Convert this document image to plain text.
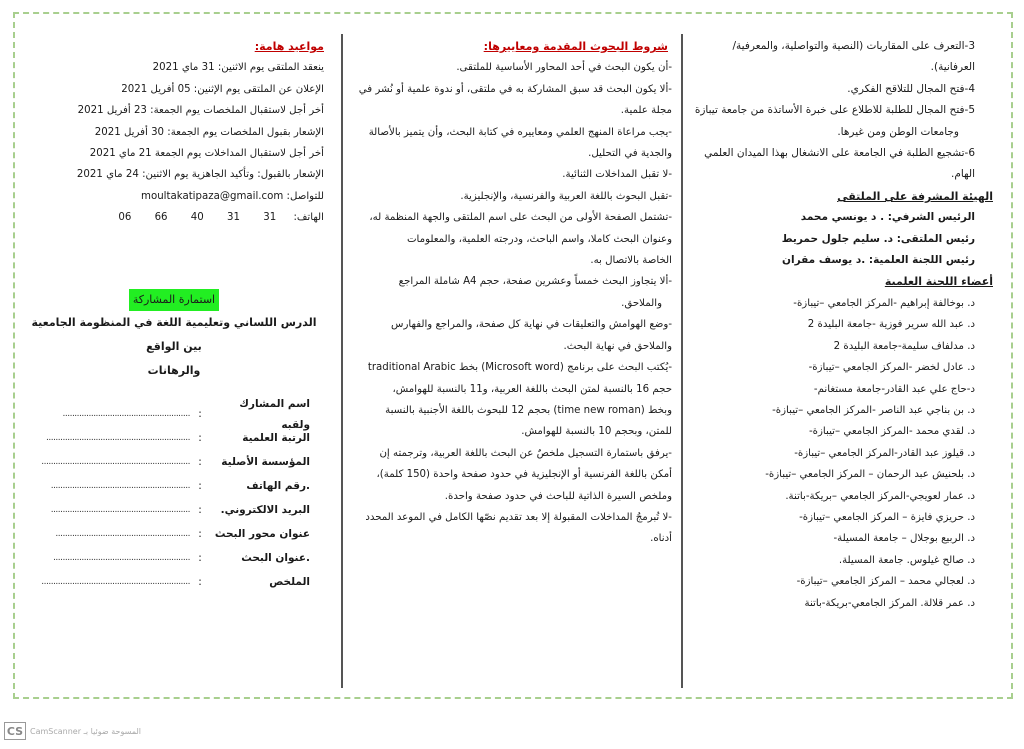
3-التعرف على المقاربات (النصية والتواصلية، والمعرفية/ العرفانية).

4-فتح المجال للتلاقح الفكري.

5-فتح المجال للطلبة للاطلاع على خبرة الأساتذة من جامعة تيبازة

وجامعات الوطن ومن غيرها.

6-تشجيع الطلبة في الجامعة على الانشغال بهذا الميدان العلمي الهام.

الهيئة المشرفة على الملتقى

الرئيس الشرفي: . د يونسي محمد

رئيس الملتقى: د. سليم جلول حمريط

رئيس اللجنة العلمية: .د يوسف مقران

أعضاء اللجنة العلمية

د. بوخالفة إبراهيم -المركز الجامعي –تيبازة-

د. عبد الله سرير فوزية -جامعة البليدة 2

د. مدلفاف سليمة-جامعة البليدة 2

د. عادل لخضر -المركز الجامعي –تيبازة-

د-حاج علي عبد القادر-جامعة مستغانم-

د. بن بناجي عبد الناصر -المركز الجامعي –تيبازة-

د. لقدي محمد -المركز الجامعي –تيبازة-

د. قيلوز عبد القادر-المركز الجامعي –تيبازة-

د. بلحنيش عبد الرحمان – المركز الجامعي –تيبازة-

د. عمار لعويجي-المركز الجامعي –بريكة-باتنة.

د. حريزي فايزة – المركز الجامعي –تيبازة-

د. الربيع بوجلال – جامعة المسيلة-

د. صالح غيلوس. جامعة المسيلة.

د. لعجالي محمد – المركز الجامعي –تيبازة-

د. عمر قلالة. المركز الجامعي-بريكة-باتنة

شروط البحوث المقدمة ومعاييرها:

-أن يكون البحث في أحد المحاور الأساسية للملتقى.

-ألا يكون البحث قد سبق المشاركة به في ملتقى، أو ندوة علمية أو نُشر في

مجلة علمية.

-يجب مراعاة المنهج العلمي ومعاييره في كتابة البحث، وأن يتميز بالأصالة

والجدية في التحليل.

-لا تقبل المداخلات الثنائية.

-تقبل البحوث باللغة العربية والفرنسية، والإنجليزية.

-تشتمل الصفحة الأولى من البحث على اسم الملتقى والجهة المنظمة له،

وعنوان البحث كاملا، واسم الباحث، ودرجته العلمية، والمعلومات

الخاصة بالاتصال به.

-ألا يتجاوز البحث خمساً وعشرين صفحة، حجم A4 شاملة المراجع

والملاحق.

-وضع الهوامش والتعليقات في نهاية كل صفحة، والمراجع والفهارس

والملاحق في نهاية البحث.

-يُكتب البحث على برنامج (Microsoft word) بخط traditional Arabic

حجم 16 بالنسبة لمتن البحث باللغة العربية، و11 بالنسبة للهوامش،

وبخط (time new roman) بحجم 12 للبحوث باللغة الأجنبية بالنسبة

للمتن، وبحجم 10 بالنسبة للهوامش.

-يرفق باستمارة التسجيل ملخصٌ عن البحث باللغة العربية، وترجمته إن

أمكن باللغة الفرنسية أو الإنجليزية في حدود صفحة واحدة (150 كلمة)،

وملخص السيرة الذاتية للباحث في حدود صفحة واحدة.

-لا تُبرمجُ المداخلات المقبولة إلا بعد تقديم نصّها الكامل في الموعد المحدد

أدناه.

مواعيد هامة:

ينعقد الملتقى يوم الاثنين: 31 ماي 2021

الإعلان عن الملتقى يوم الإثنين: 05 أفريل 2021

أخر أجل لاستقبال الملخصات يوم الجمعة: 23 أفريل 2021

الإشعار بقبول الملخصات يوم الجمعة: 30 أفريل 2021

أخر أجل لاستقبال المداخلات يوم الجمعة 21 ماي 2021

الإشعار بالقبول: وتأكيد الجاهزية يوم الاثنين: 24 ماي 2021

للتواصل: moultakatipaza@gmail.com

الهاتف: 31 31 40 66 06

استمارة المشاركة

الدرس اللساني وتعليمية اللغة في المنظومة الجامعية بين الواقع

والرهانات

اسم المشارك ولقبه
:
......................................................
الرتبة العلمية
:
.............................................................
المؤسسة الأصلية
:
...............................................................
.رقم الهاتف
:
...........................................................
البريد الالكتروني.
:
...........................................................
عنوان محور البحث
:
.........................................................
.عنوان البحث
:
..........................................................
الملخص
:
...............................................................
CS CamScanner المسوحة ضوئيا بـ
